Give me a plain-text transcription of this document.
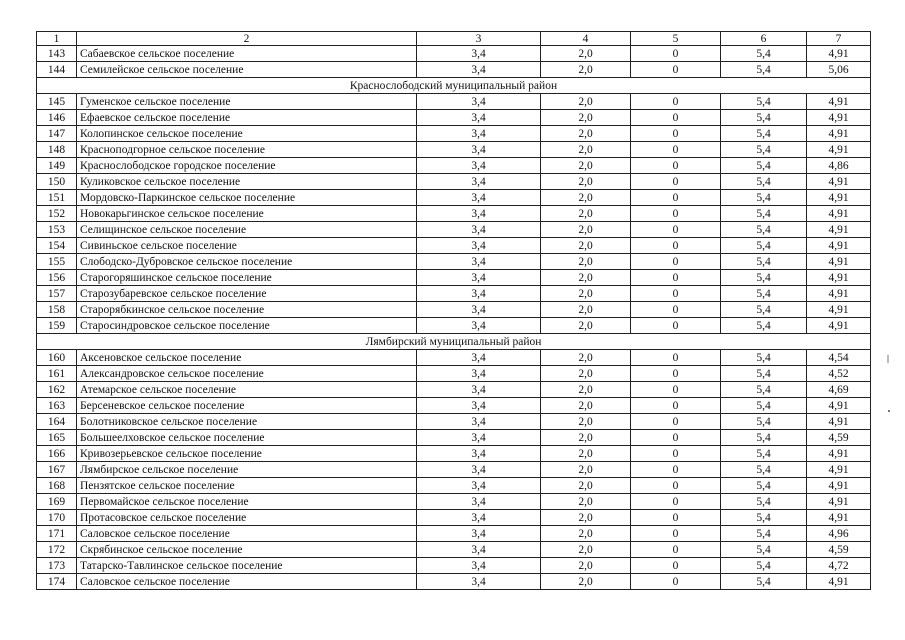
1	2	3	4	5	6	7
143	Сабаевское сельское поселение	3,4	2,0	0	5,4	4,91
144	Семилейское сельское поселение	3,4	2,0	0	5,4	5,06
Краснослободский муниципальный район						
145	Гуменское сельское поселение	3,4	2,0	0	5,4	4,91
146	Ефаевское сельское поселение	3,4	2,0	0	5,4	4,91
147	Колопинское сельское поселение	3,4	2,0	0	5,4	4,91
148	Красноподгорное сельское поселение	3,4	2,0	0	5,4	4,91
149	Краснослободское городское поселение	3,4	2,0	0	5,4	4,86
150	Куликовское сельское поселение	3,4	2,0	0	5,4	4,91
151	Мордовско-Паркинское сельское поселение	3,4	2,0	0	5,4	4,91
152	Новокарьгинское сельское поселение	3,4	2,0	0	5,4	4,91
153	Селищинское сельское поселение	3,4	2,0	0	5,4	4,91
154	Сивиньское сельское поселение	3,4	2,0	0	5,4	4,91
155	Слободско-Дубровское сельское поселение	3,4	2,0	0	5,4	4,91
156	Старогоряшинское сельское поселение	3,4	2,0	0	5,4	4,91
157	Старозубаревское сельское поселение	3,4	2,0	0	5,4	4,91
158	Старорябкинское сельское поселение	3,4	2,0	0	5,4	4,91
159	Старосиндровское сельское поселение	3,4	2,0	0	5,4	4,91
Лямбирский муниципальный район						
160	Аксеновское сельское поселение	3,4	2,0	0	5,4	4,54
161	Александровское сельское поселение	3,4	2,0	0	5,4	4,52
162	Атемарское сельское поселение	3,4	2,0	0	5,4	4,69
163	Берсеневское сельское поселение	3,4	2,0	0	5,4	4,91
164	Болотниковское сельское поселение	3,4	2,0	0	5,4	4,91
165	Большеелховское сельское поселение	3,4	2,0	0	5,4	4,59
166	Кривозерьевское сельское поселение	3,4	2,0	0	5,4	4,91
167	Лямбирское сельское поселение	3,4	2,0	0	5,4	4,91
168	Пензятское сельское поселение	3,4	2,0	0	5,4	4,91
169	Первомайское сельское поселение	3,4	2,0	0	5,4	4,91
170	Протасовское сельское поселение	3,4	2,0	0	5,4	4,91
171	Саловское сельское поселение	3,4	2,0	0	5,4	4,96
172	Скрябинское сельское поселение	3,4	2,0	0	5,4	4,59
173	Татарско-Тавлинское сельское поселение	3,4	2,0	0	5,4	4,72
174	Саловское сельское поселение	3,4	2,0	0	5,4	4,91
